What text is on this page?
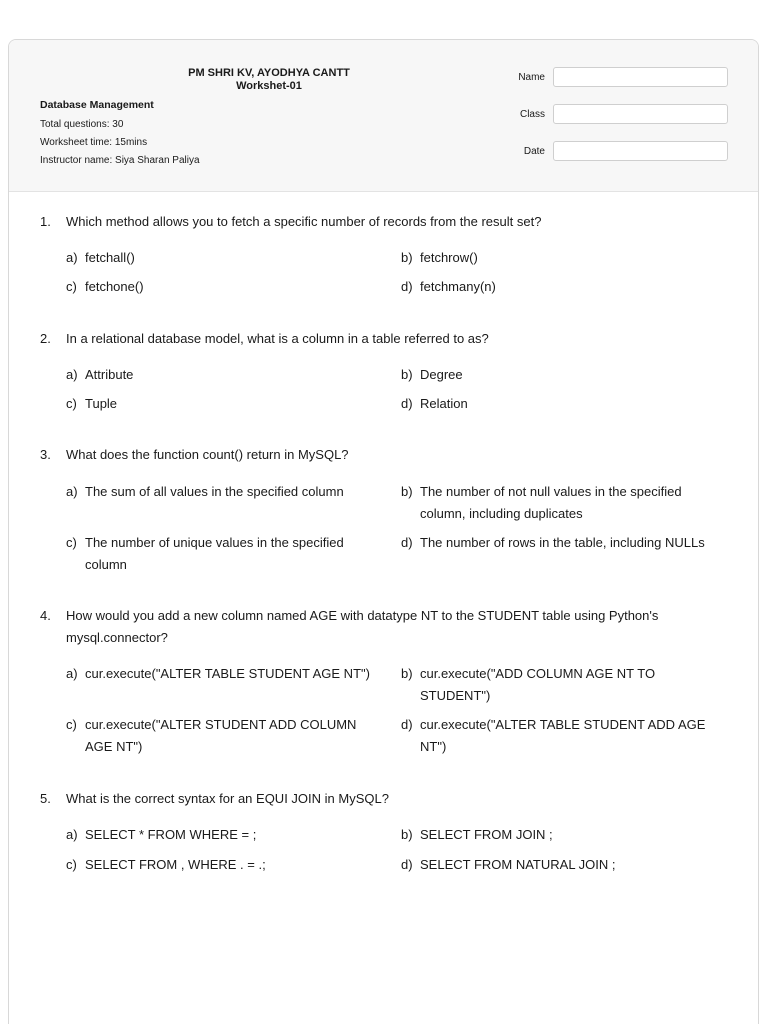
PM SHRI KV, AYODHYA CANTT
Workshet-01
Database Management
Total questions: 30
Worksheet time: 15mins
Instructor name: Siya Sharan Paliya
Name
Class
Date
1. Which method allows you to fetch a specific number of records from the result set?
a) fetchall()	b) fetchrow()
c) fetchone()	d) fetchmany(n)
2. In a relational database model, what is a column in a table referred to as?
a) Attribute	b) Degree
c) Tuple	d) Relation
3. What does the function count() return in MySQL?
a) The sum of all values in the specified column	b) The number of not null values in the specified column, including duplicates
c) The number of unique values in the specified column
d) The number of rows in the table, including NULLs
4. How would you add a new column named AGE with datatype NT to the STUDENT table using Python's mysql.connector?
a) cur.execute("ALTER TABLE STUDENT AGE NT")	b) cur.execute("ADD COLUMN AGE NT TO STUDENT")
c) cur.execute("ALTER STUDENT ADD COLUMN AGE NT")
d) cur.execute("ALTER TABLE STUDENT ADD AGE NT")
5. What is the correct syntax for an EQUI JOIN in MySQL?
a) SELECT * FROM WHERE = ;	b) SELECT FROM JOIN ;
c) SELECT FROM , WHERE . = .;	d) SELECT FROM NATURAL JOIN ;
